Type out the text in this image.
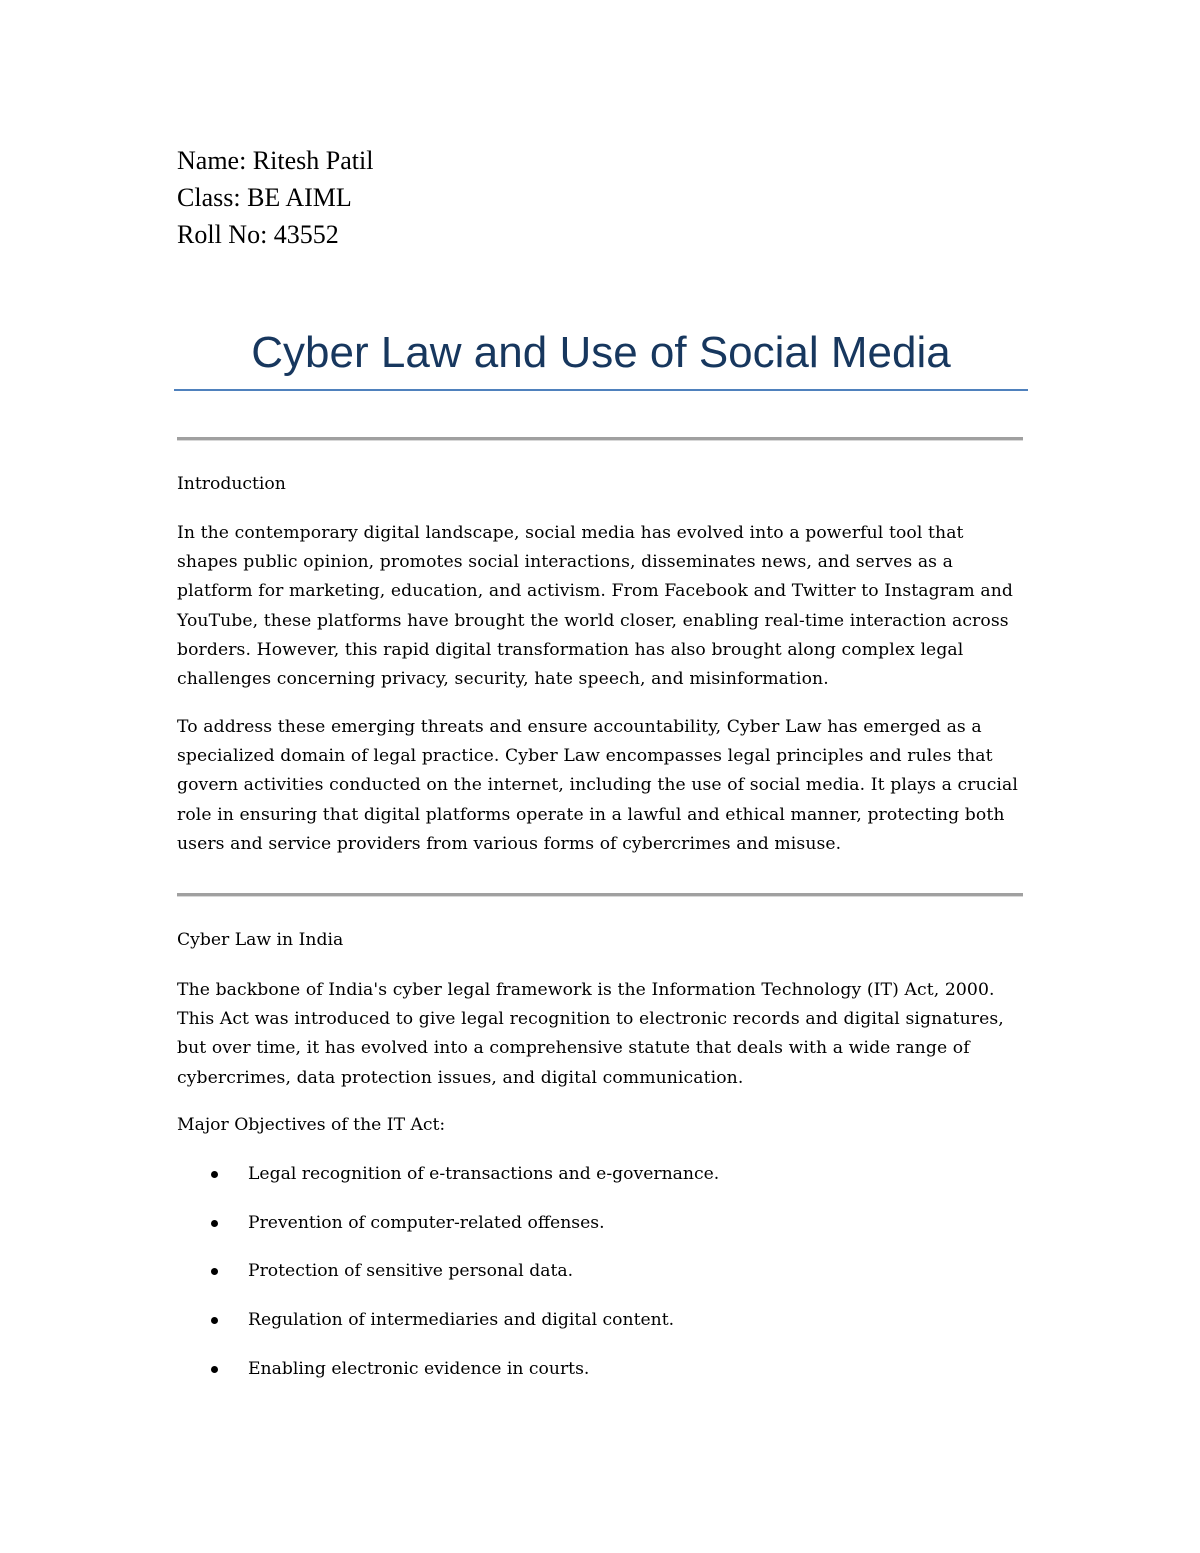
Name: Ritesh Patil
Class: BE AIML
Roll No: 43552
Cyber Law and Use of Social Media
Introduction
In the contemporary digital landscape, social media has evolved into a powerful tool that shapes public opinion, promotes social interactions, disseminates news, and serves as a platform for marketing, education, and activism. From Facebook and Twitter to Instagram and YouTube, these platforms have brought the world closer, enabling real-time interaction across borders. However, this rapid digital transformation has also brought along complex legal challenges concerning privacy, security, hate speech, and misinformation.
To address these emerging threats and ensure accountability, Cyber Law has emerged as a specialized domain of legal practice. Cyber Law encompasses legal principles and rules that govern activities conducted on the internet, including the use of social media. It plays a crucial role in ensuring that digital platforms operate in a lawful and ethical manner, protecting both users and service providers from various forms of cybercrimes and misuse.
Cyber Law in India
The backbone of India's cyber legal framework is the Information Technology (IT) Act, 2000. This Act was introduced to give legal recognition to electronic records and digital signatures, but over time, it has evolved into a comprehensive statute that deals with a wide range of cybercrimes, data protection issues, and digital communication.
Major Objectives of the IT Act:
Legal recognition of e-transactions and e-governance.
Prevention of computer-related offenses.
Protection of sensitive personal data.
Regulation of intermediaries and digital content.
Enabling electronic evidence in courts.
